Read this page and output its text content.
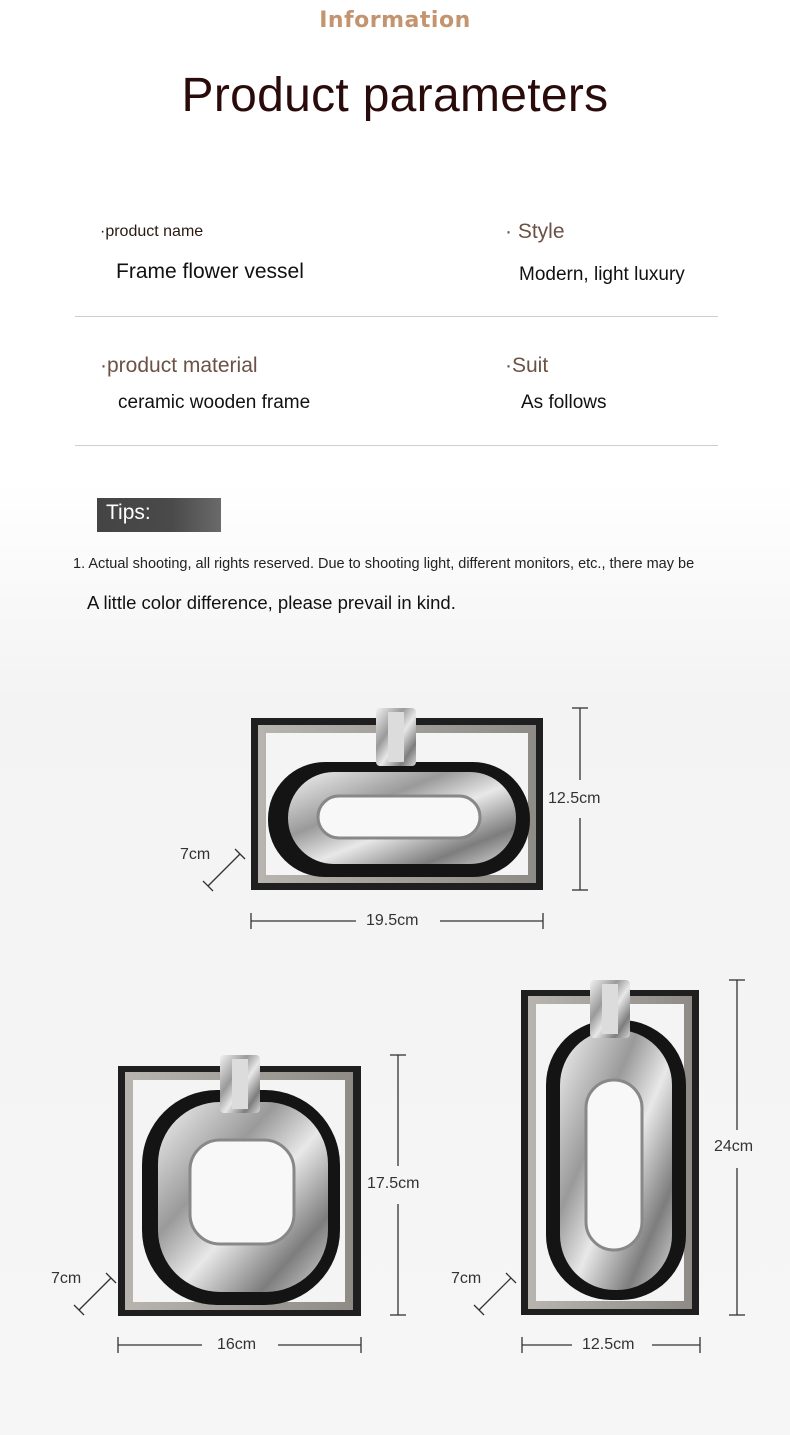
Information
Product parameters
·product name
Frame flower vessel
· Style
Modern, light luxury
·product material
ceramic wooden frame
·Suit
As follows
Tips:
1. Actual shooting, all rights reserved. Due to shooting light, different monitors, etc., there may be
A little color difference, please prevail in kind.
12.5cm
7cm
19.5cm
17.5cm
7cm
16cm
24cm
7cm
12.5cm
